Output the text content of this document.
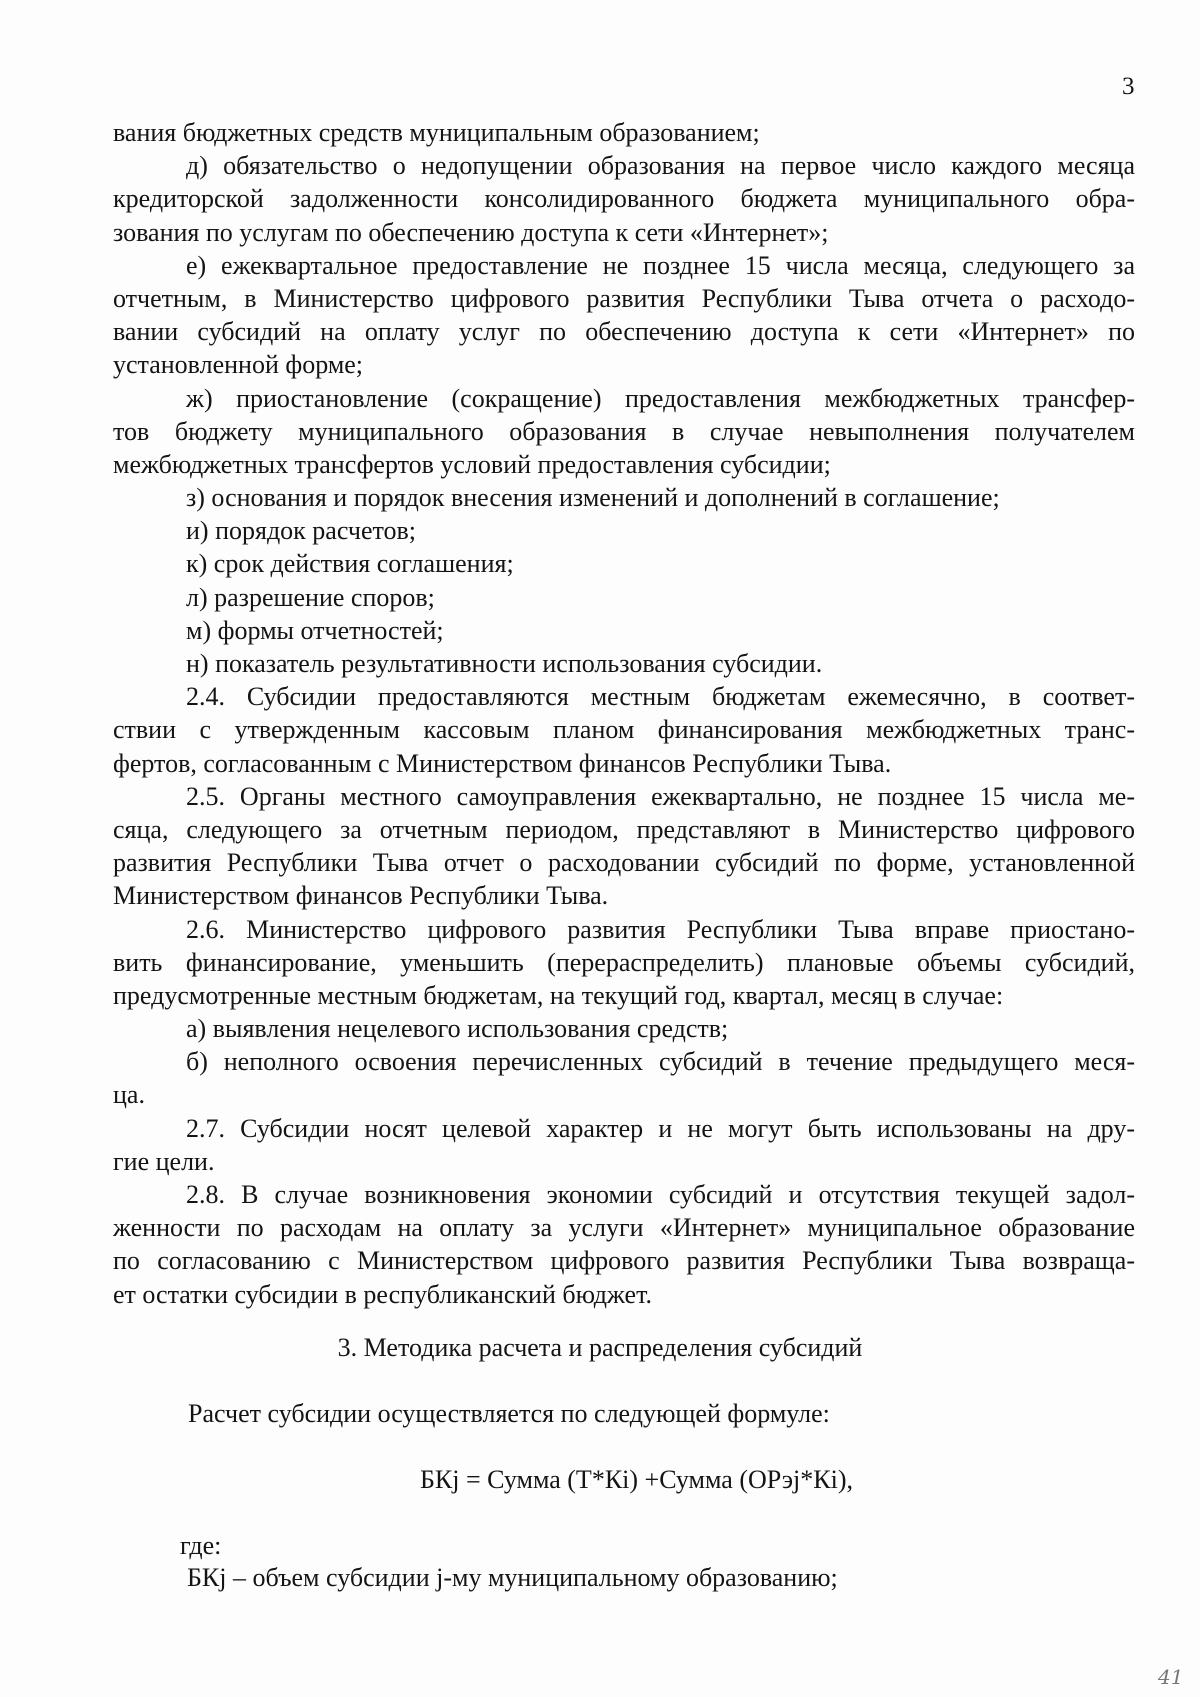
3
вания бюджетных средств муниципальным образованием;
д) обязательство о недопущении образования на первое число каждого месяца
кредиторской задолженности консолидированного бюджета муниципального обра-
зования по услугам по обеспечению доступа к сети «Интернет»;
е) ежеквартальное предоставление не позднее 15 числа месяца, следующего за
отчетным, в Министерство цифрового развития Республики Тыва отчета о расходо-
вании субсидий на оплату услуг по обеспечению доступа к сети «Интернет» по
установленной форме;
ж) приостановление (сокращение) предоставления межбюджетных трансфер-
тов бюджету муниципального образования в случае невыполнения получателем
межбюджетных трансфертов условий предоставления субсидии;
з) основания и порядок внесения изменений и дополнений в соглашение;
и) порядок расчетов;
к) срок действия соглашения;
л) разрешение споров;
м) формы отчетностей;
н) показатель результативности использования субсидии.
2.4. Субсидии предоставляются местным бюджетам ежемесячно, в соответ-
ствии с утвержденным кассовым планом финансирования межбюджетных транс-
фертов, согласованным с Министерством финансов Республики Тыва.
2.5. Органы местного самоуправления ежеквартально, не позднее 15 числа ме-
сяца, следующего за отчетным периодом, представляют в Министерство цифрового
развития Республики Тыва отчет о расходовании субсидий по форме, установленной
Министерством финансов Республики Тыва.
2.6. Министерство цифрового развития Республики Тыва вправе приостано-
вить финансирование, уменьшить (перераспределить) плановые объемы субсидий,
предусмотренные местным бюджетам, на текущий год, квартал, месяц в случае:
а) выявления нецелевого использования средств;
б) неполного освоения перечисленных субсидий в течение предыдущего меся-
ца.
2.7. Субсидии носят целевой характер и не могут быть использованы на дру-
гие цели.
2.8. В случае возникновения экономии субсидий и отсутствия текущей задол-
женности по расходам на оплату за услуги «Интернет» муниципальное образование
по согласованию с Министерством цифрового развития Республики Тыва возвраща-
ет остатки субсидии в республиканский бюджет.
3. Методика расчета и распределения субсидий
Расчет субсидии осуществляется по следующей формуле:
БКj = Сумма (Т*Кi) +Сумма (ОРэj*Кi),
где:
БКj – объем субсидии j-му муниципальному образованию;
41
